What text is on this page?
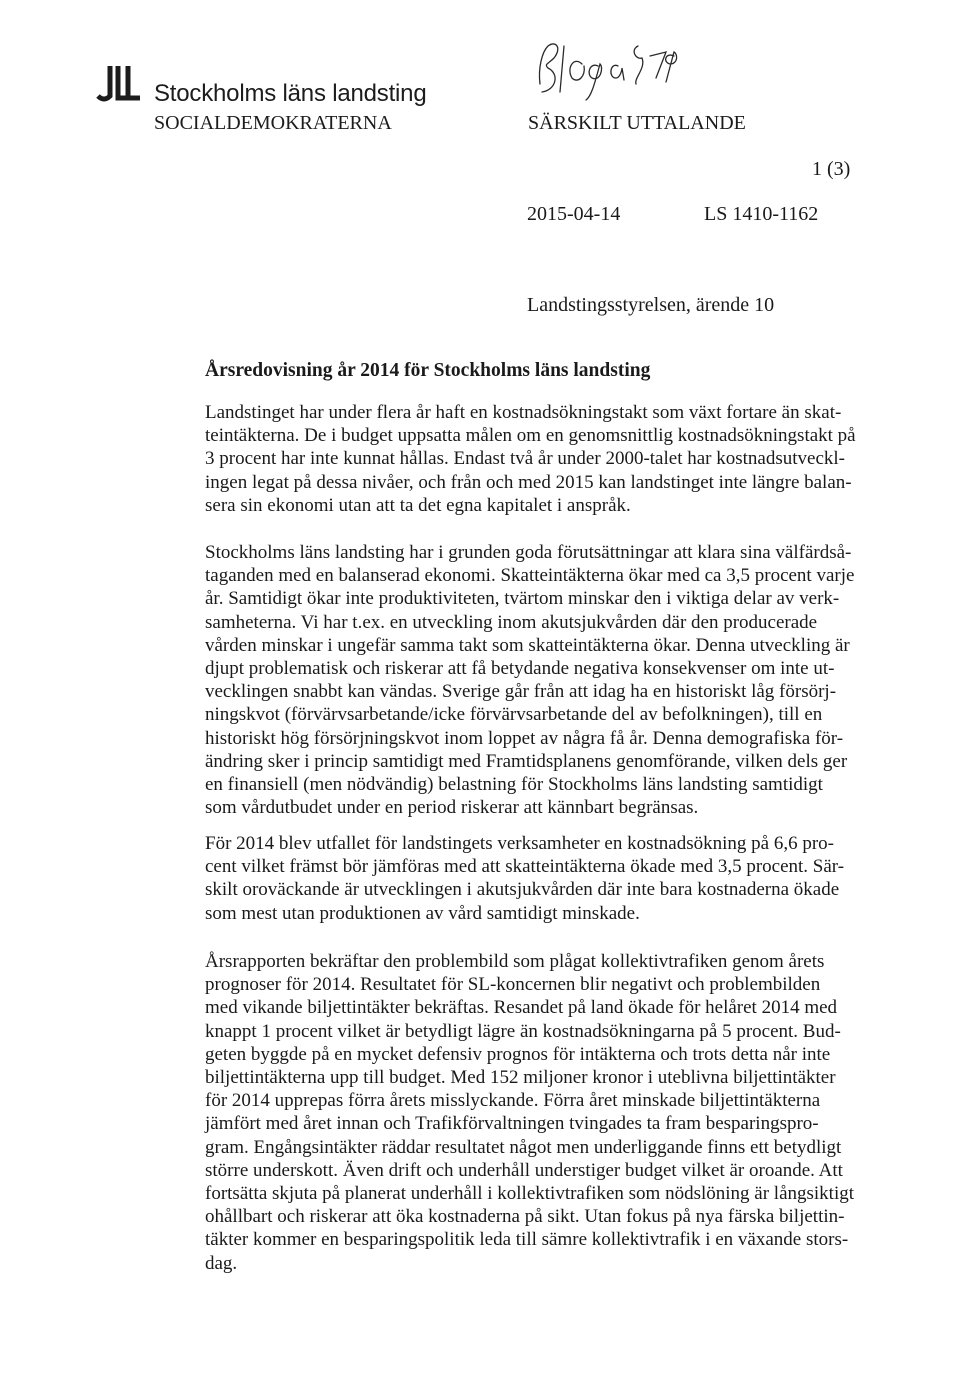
Stockholms läns landsting
SOCIALDEMOKRATERNA	SÄRSKILT UTTALANDE
1 (3)
2015-04-14	LS 1410-1162
Landstingsstyrelsen, ärende 10
Årsredovisning år 2014 för Stockholms läns landsting

Landstinget har under flera år haft en kostnadsökningstakt som växt fortare än skat-
teintäkterna. De i budget uppsatta målen om en genomsnittlig kostnadsökningstakt på
3 procent har inte kunnat hållas. Endast två år under 2000-talet har kostnadsutveckl-
ingen legat på dessa nivåer, och från och med 2015 kan landstinget inte längre balan-
sera sin ekonomi utan att ta det egna kapitalet i anspråk.

Stockholms läns landsting har i grunden goda förutsättningar att klara sina välfärdså-
taganden med en balanserad ekonomi. Skatteintäkterna ökar med ca 3,5 procent varje
år. Samtidigt ökar inte produktiviteten, tvärtom minskar den i viktiga delar av verk-
samheterna. Vi har t.ex. en utveckling inom akutsjukvården där den producerade
vården minskar i ungefär samma takt som skatteintäkterna ökar. Denna utveckling är
djupt problematisk och riskerar att få betydande negativa konsekvenser om inte ut-
vecklingen snabbt kan vändas. Sverige går från att idag ha en historiskt låg försörj-
ningskvot (förvärvsarbetande/icke förvärvsarbetande del av befolkningen), till en
historiskt hög försörjningskvot inom loppet av några få år. Denna demografiska för-
ändring sker i princip samtidigt med Framtidsplanens genomförande, vilken dels ger
en finansiell (men nödvändig) belastning för Stockholms läns landsting samtidigt
som vårdutbudet under en period riskerar att kännbart begränsas.

För 2014 blev utfallet för landstingets verksamheter en kostnadsökning på 6,6 pro-
cent vilket främst bör jämföras med att skatteintäkterna ökade med 3,5 procent. Sär-
skilt oroväckande är utvecklingen i akutsjukvården där inte bara kostnaderna ökade
som mest utan produktionen av vård samtidigt minskade.

Årsrapporten bekräftar den problembild som plågat kollektivtrafiken genom årets
prognoser för 2014. Resultatet för SL-koncernen blir negativt och problembilden
med vikande biljettintäkter bekräftas. Resandet på land ökade för helåret 2014 med
knappt 1 procent vilket är betydligt lägre än kostnadsökningarna på 5 procent. Bud-
geten byggde på en mycket defensiv prognos för intäkterna och trots detta når inte
biljettintäkterna upp till budget. Med 152 miljoner kronor i uteblivna biljettintäkter
för 2014 upprepas förra årets misslyckande. Förra året minskade biljettintäkterna
jämfört med året innan och Trafikförvaltningen tvingades ta fram besparingspro-
gram. Engångsintäkter räddar resultatet något men underliggande finns ett betydligt
större underskott. Även drift och underhåll understiger budget vilket är oroande. Att
fortsätta skjuta på planerat underhåll i kollektivtrafiken som nödslöning är långsiktigt
ohållbart och riskerar att öka kostnaderna på sikt. Utan fokus på nya färska biljettin-
täkter kommer en besparingspolitik leda till sämre kollektivtrafik i en växande stors-
dag.
